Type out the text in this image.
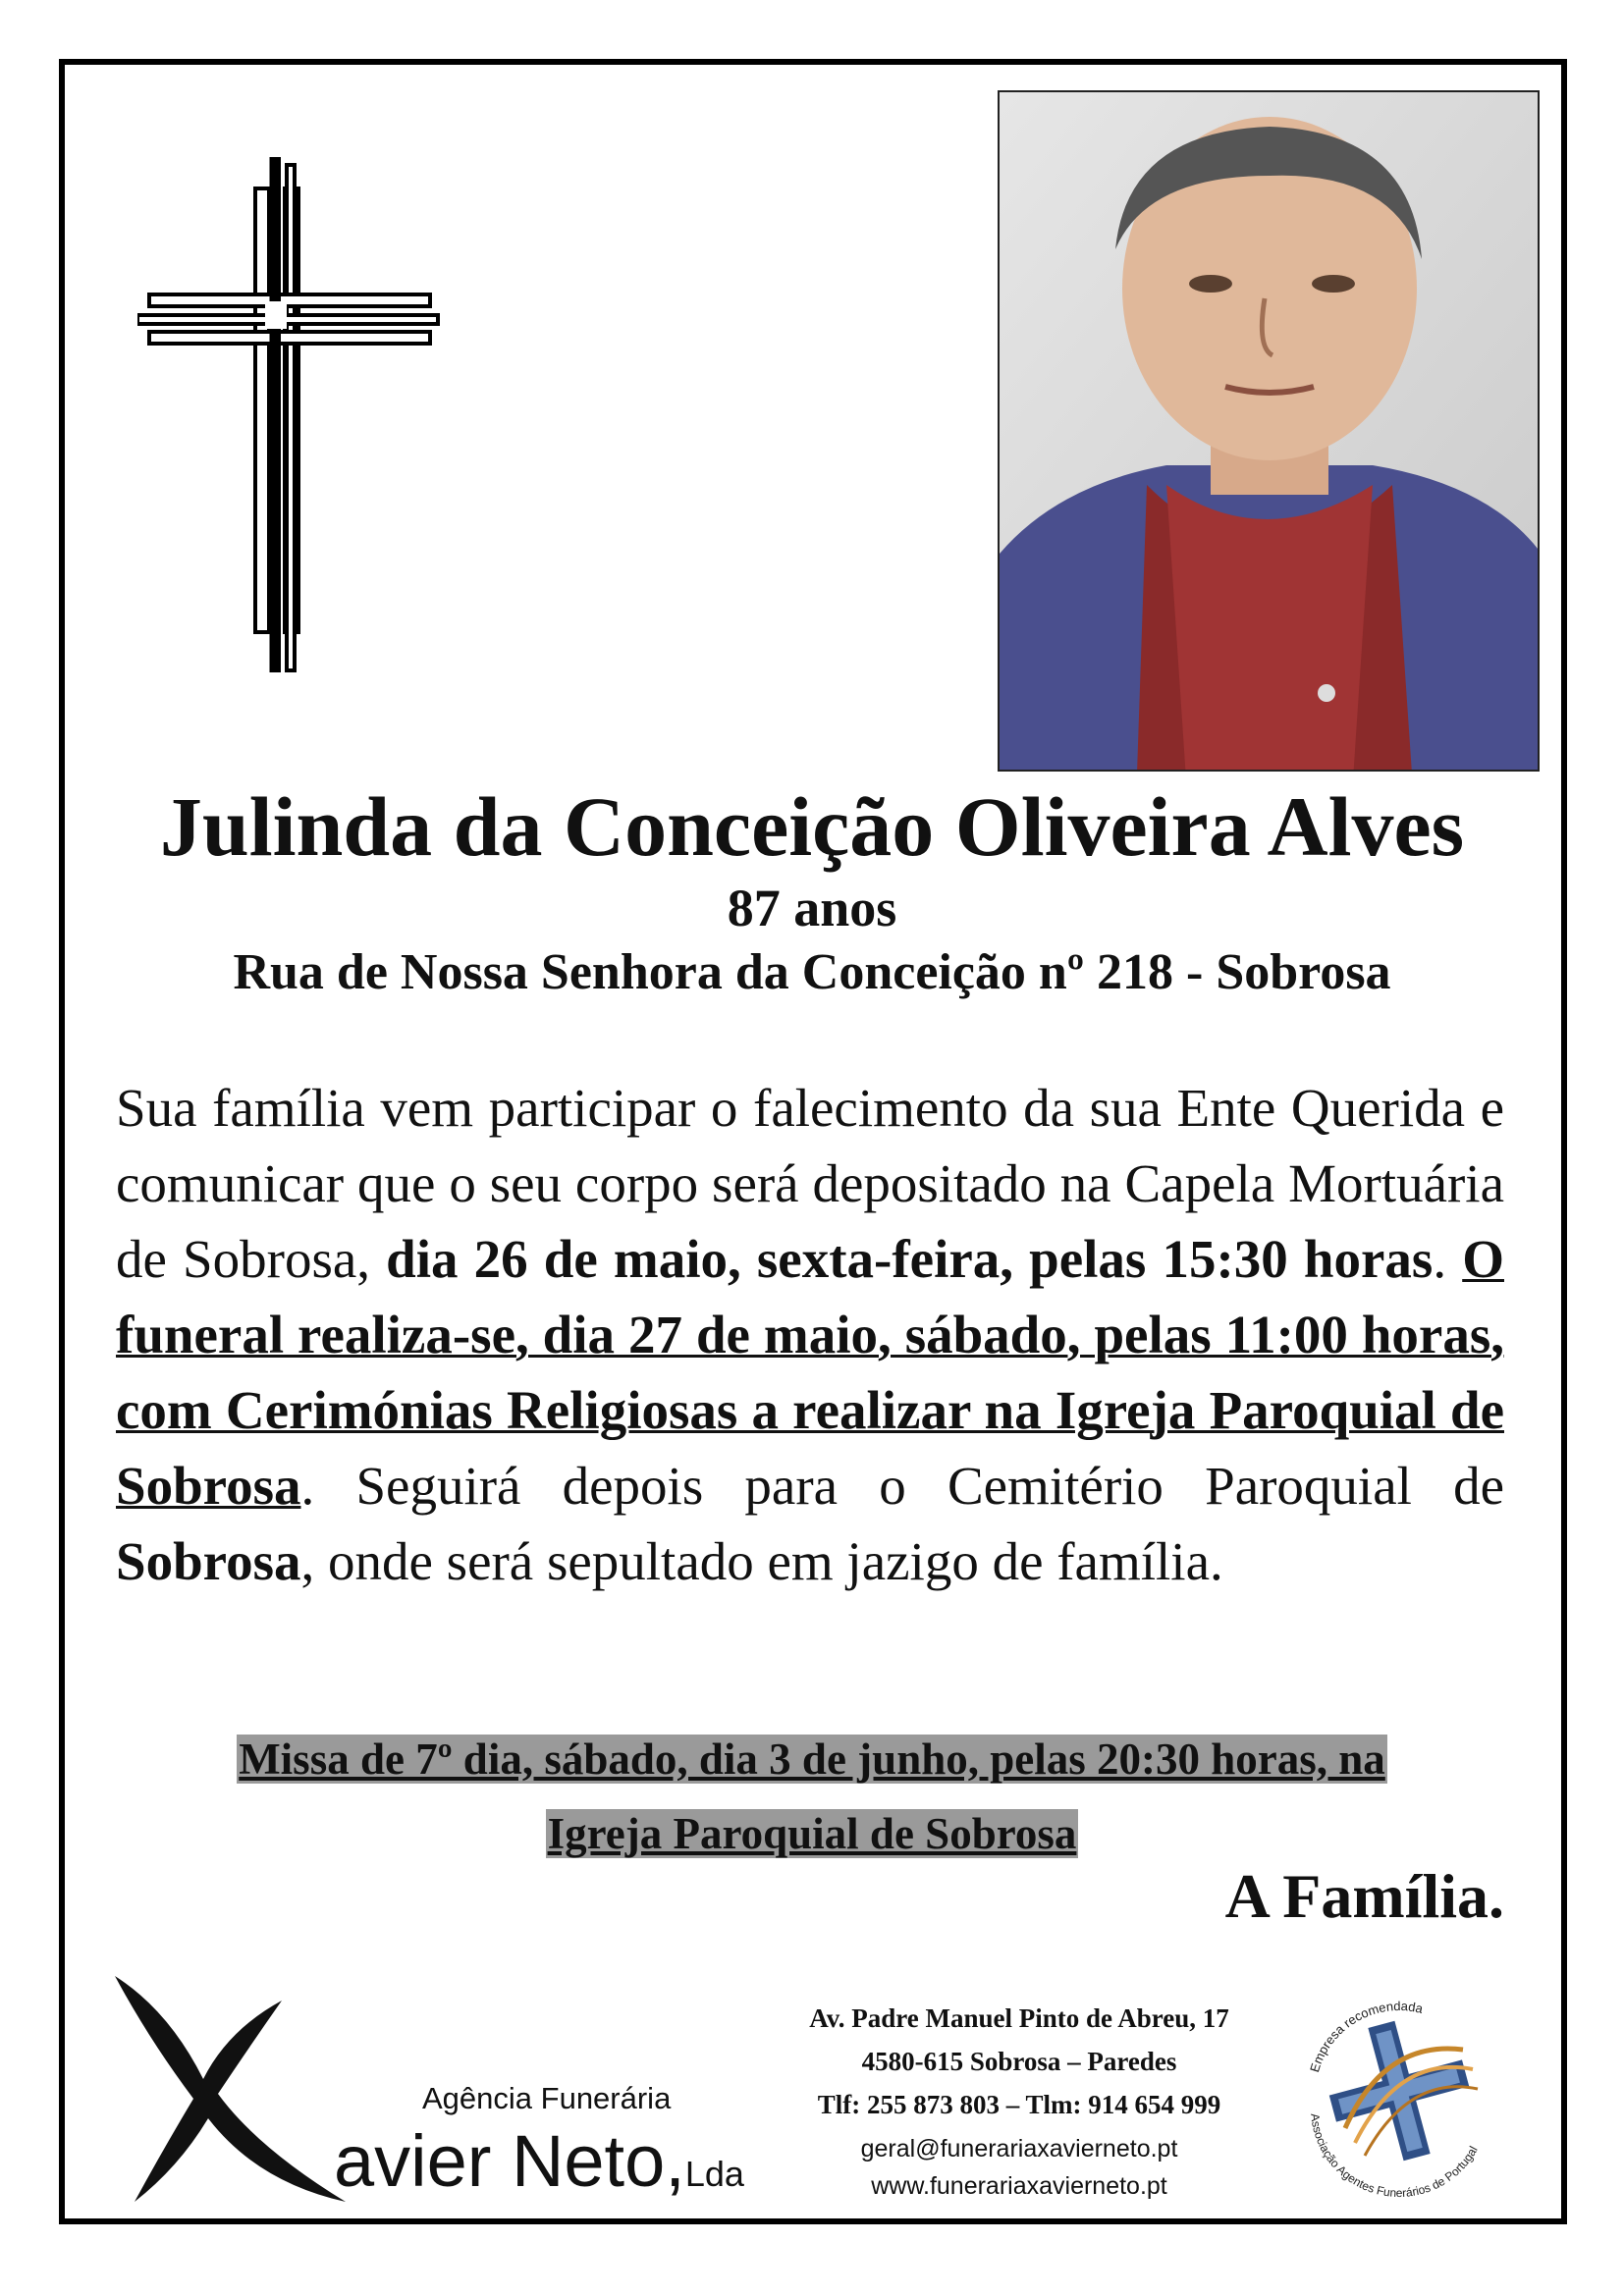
Julinda da Conceição Oliveira Alves
87 anos
Rua de Nossa Senhora da Conceição nº 218 - Sobrosa
Sua família vem participar o falecimento da sua Ente Querida e comunicar que o seu corpo será depositado na Capela Mortuária de Sobrosa, dia 26 de maio, sexta-feira, pelas 15:30 horas. O funeral realiza-se, dia 27 de maio, sábado, pelas 11:00 horas, com Cerimónias Religiosas a realizar na Igreja Paroquial de Sobrosa. Seguirá depois para o Cemitério Paroquial de Sobrosa, onde será sepultado em jazigo de família.
Missa de 7º dia, sábado, dia 3 de junho, pelas 20:30 horas, na
Igreja Paroquial de Sobrosa
A Família.
Agência Funerária
avier Neto,Lda
Av. Padre Manuel Pinto de Abreu, 17
4580-615 Sobrosa – Paredes
Tlf: 255 873 803 – Tlm: 914 654 999
geral@funerariaxavierneto.pt
www.funerariaxavierneto.pt
Empresa recomendada
Associação Agentes Funerários de Portugal
